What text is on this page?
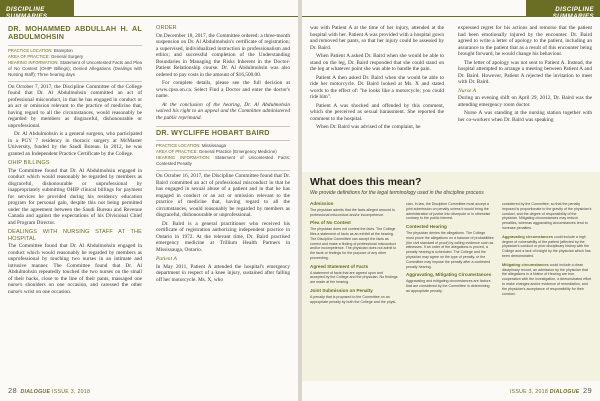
DISCIPLINE SUMMARIES
DISCIPLINE SUMMARIES
DR. MOHAMMED ABDULLAH H. AL ABDULMOHSIN
PRACTICE LOCATION: Brampton
AREA OF PRACTICE: General Surgery
HEARING INFORMATION: Statement of Uncontested Facts and Plea of No Contest (OHIP Billings); Denied Allegations (Dealings with Nursing Staff); Three hearing days

On October 7, 2017, the Discipline Committee of the College found that Dr. Al Abdulmohsin committed an act of professional misconduct, in that he has engaged in conduct or an act or omission relevant to the practice of medicine that, having regard to all the circumstances, would reasonably be regarded by members as disgraceful, dishonourable or unprofessional.

Dr. Al Abdulmohsin is a general surgeon, who participated in a PGY 7 residency in thoracic surgery at McMaster University, funded by the Saudi Bureau. In 2012, he was granted an Independent Practice Certificate by the College.

OHIP BILLINGS

The Committee found that Dr. Al Abdulmohsin engaged in conduct which would reasonably be regarded by members as disgraceful, dishonourable or unprofessional by inappropriately submitting OHIP clinical billings for payment for services he provided during his residency education program for personal gain, despite this not being permitted under the agreement between the Saudi Bureau and Revenue Canada and against the expectations of his Divisional Chief and Program Director.

DEALINGS WITH NURSING STAFF AT THE HOSPITAL

The Committee found that Dr. Al Abdulmohsin engaged in conduct which would reasonably be regarded by members as unprofessional by touching two nurses in an intimate and intrusive manner. The Committee found that Dr. Al Abdulmohsin repeatedly touched the two nurses on the small of their backs, close to the line of their pants, massaged one nurse's shoulders on one occasion, and caressed the other nurse's wrist on one occasion.

ORDER

On December 18, 2017, the Committee ordered: a three-month suspension on Dr. Al Abdulmohsin's certificate of registration; a supervised, individualized instruction in professionalism and ethics; and successful completion of the Understanding Boundaries in Managing the Risks Inherent in the Doctor-Patient Relationship course. Dr. Al Abdulmohsin was also ordered to pay costs in the amount of $16,500.00.

For complete details, please see the full decision at www.cpso.on.ca. Select Find a Doctor and enter the doctor's name.

At the conclusion of the hearing, Dr. Al Abdulmohsin waived his right to an appeal and the Committee administered the public reprimand.

DR. WYCLIFFE HOBART BAIRD
PRACTICE LOCATION: Mississauga
AREA OF PRACTICE: General Practice (Emergency Medicine)
HEARING INFORMATION: Statement of Uncontested Facts; Contested Penalty

On October 16, 2017, the Discipline Committee found that Dr. Baird committed an act of professional misconduct in that he has engaged in sexual abuse of a patient and in that he has engaged in conduct or an act or omission relevant to the practice of medicine that, having regard to all the circumstances, would reasonably be regarded by members as disgraceful, dishonourable or unprofessional.

Dr. Baird is a general practitioner who received his certificate of registration authorizing independent practice in Ontario in 1972. At the relevant time, Dr. Baird practised emergency medicine at Trillium Health Partners in Mississauga, Ontario.

Patient A

In May 2011, Patient A attended the hospital's emergency department in respect of a knee injury, sustained after falling off her motorcycle. Ms. X, who

was with Patient A at the time of her injury, attended at the hospital with her. Patient A was provided with a hospital gown and removed her pants, so that her injury could be assessed by Dr. Baird.

When Patient A asked Dr. Baird when she would be able to stand on the leg, Dr. Baird responded that she could stand on the leg at whatever point she was able to handle the pain.

Patient A then asked Dr. Baird when she would be able to ride her motorcycle. Dr. Baird looked at Ms. X and stated words to the effect of: "he looks like a motorcycle; you could ride him".

Patient A was shocked and offended by this comment, which she perceived as sexual harassment. She reported the comment to the hospital.

When Dr. Baird was advised of the complaint, he

expressed regret for his actions and remorse that the patient had been emotionally injured by the encounter. Dr. Baird agreed to write a letter of apology to the patient, including an assurance to the patient that as a result of this encounter being brought forward, he would change his behaviour.

The letter of apology was not sent to Patient A. Instead, the hospital attempted to arrange a meeting between Patient A and Dr. Baird. However, Patient A rejected the invitation to meet with Dr. Baird.

Nurse A

During an evening shift on April 29, 2012, Dr. Baird was the attending emergency room doctor.

Nurse A was standing at the nursing station together with her co-workers when Dr. Baird was speaking

What does this mean?
We provide definitions for the legal terminology used in the discipline process
Admission
The physician admits that the facts alleged amount to professional misconduct and/or incompetence.
Plea of No Contest
The physician does not contest the facts. The College files a statement of facts as an exhibit at the hearing. The Discipline Committee can accept the facts as correct and make a finding of professional misconduct and/or incompetence. The physician does not admit to the facts or findings for the purpose of any other proceeding.
Agreed Statement of Facts
A statement of facts that are agreed upon and accepted by the College and the physician. No findings are made at the hearing.
Joint Submission on Penalty
A penalty that is proposed to the Committee on an appropriate penalty by both the College and the physi-
cian. In law, the Discipline Committee must accept a joint submission on penalty unless it would bring the administration of justice into disrepute or is otherwise contrary to the public interest.
Contested Hearing
The physician denies the allegations. The College must prove the allegations on a balance of probabilities (the civil standard of proof) by calling evidence such as witnesses. If an order of the allegations is proved, a penalty hearing is scheduled. The College and the physician may agree on the type of penalty, or the Committee may impose the penalty after a contested penalty hearing.
Aggravating, Mitigating Circumstances
Aggravating and mitigating circumstances are factors that are considered by the Committee in determining an appropriate penalty.
considered by the Committee, so that the penalty imposed is proportionate to the gravity of the physician's conduct, and the degree of responsibility of the physician. Mitigating circumstances may reduce penalties, whereas aggravating circumstances tend to increase penalties.
Aggravating circumstances could include a high degree of vulnerability of the patient (affected by the physician's conduct or prior disciplinary history with the College and a lack of insight by the physician which has been demonstrated.
Mitigating circumstances could include a clean disciplinary record, an admission by the physician that the allegations in a Notice of Hearing are true, cooperation with the investigation, a demonstrated effort to make changes and/or evidence of remediation, and the physician's acceptance of responsibility for their conduct.
28 DIALOGUE ISSUE 3, 2018	ISSUE 3, 2018 DIALOGUE 29
